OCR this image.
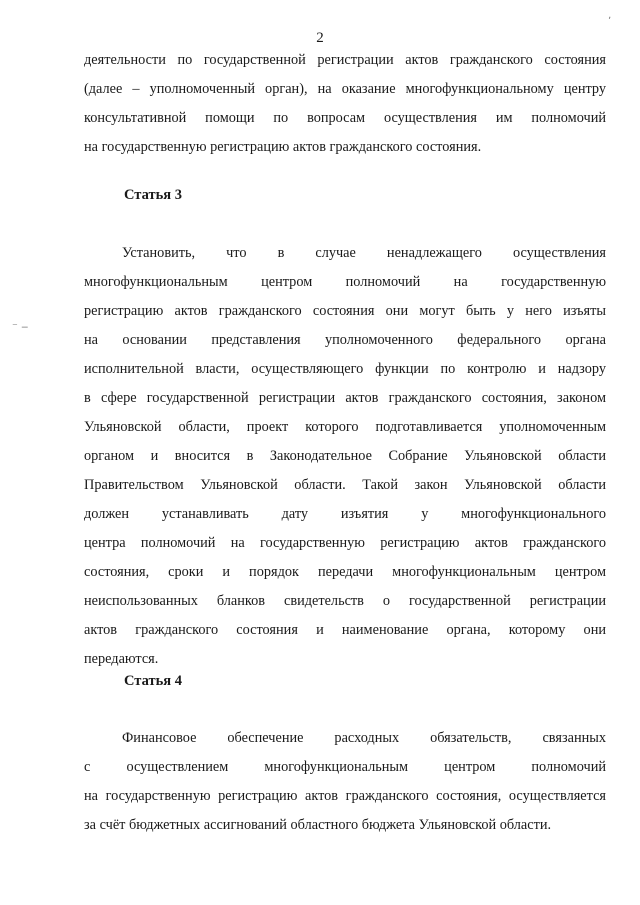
2
ʼ
⁻ ‒
деятельности по государственной регистрации актов гражданского состояния
(далее – уполномоченный орган), на оказание многофункциональному центру
консультативной помощи по вопросам осуществления им полномочий
на государственную регистрацию актов гражданского состояния.
Статья 3
Установить, что в случае ненадлежащего осуществления
многофункциональным центром полномочий на государственную
регистрацию актов гражданского состояния они могут быть у него изъяты
на основании представления уполномоченного федерального органа
исполнительной власти, осуществляющего функции по контролю и надзору
в сфере государственной регистрации актов гражданского состояния, законом
Ульяновской области, проект которого подготавливается уполномоченным
органом и вносится в Законодательное Собрание Ульяновской области
Правительством Ульяновской области. Такой закон Ульяновской области
должен устанавливать дату изъятия у многофункционального
центра полномочий на государственную регистрацию актов гражданского
состояния, сроки и порядок передачи многофункциональным центром
неиспользованных бланков свидетельств о государственной регистрации
актов гражданского состояния и наименование органа, которому они
передаются.
Статья 4
Финансовое обеспечение расходных обязательств, связанных
с осуществлением многофункциональным центром полномочий
на государственную регистрацию актов гражданского состояния, осуществляется
за счёт бюджетных ассигнований областного бюджета Ульяновской области.
